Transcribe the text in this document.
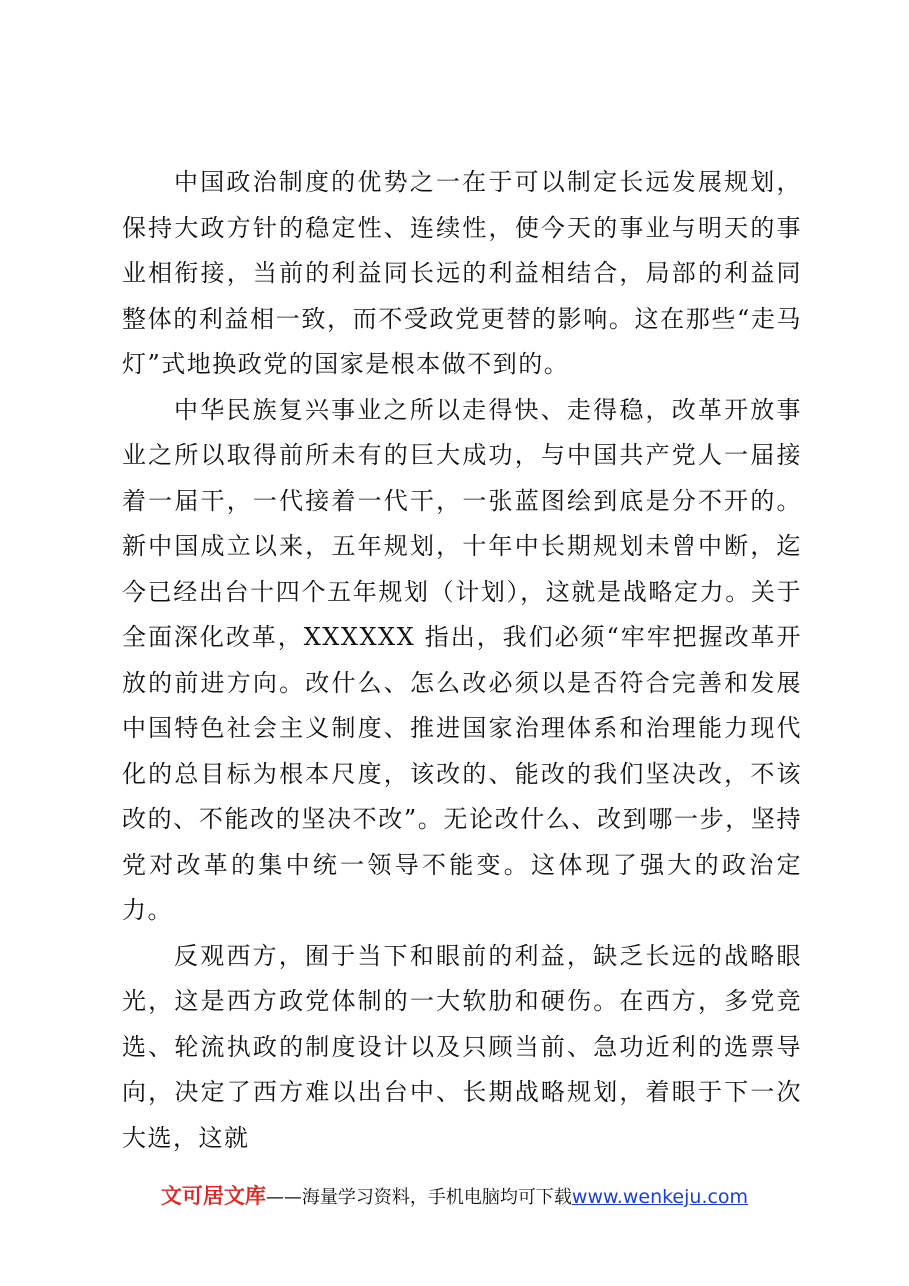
中国政治制度的优势之一在于可以制定长远发展规划，保持大政方针的稳定性、连续性，使今天的事业与明天的事业相衔接，当前的利益同长远的利益相结合，局部的利益同整体的利益相一致，而不受政党更替的影响。这在那些“走马灯”式地换政党的国家是根本做不到的。

中华民族复兴事业之所以走得快、走得稳，改革开放事业之所以取得前所未有的巨大成功，与中国共产党人一届接着一届干，一代接着一代干，一张蓝图绘到底是分不开的。新中国成立以来，五年规划，十年中长期规划未曾中断，迄今已经出台十四个五年规划（计划），这就是战略定力。关于全面深化改革，XXXXXX 指出，我们必须“牢牢把握改革开放的前进方向。改什么、怎么改必须以是否符合完善和发展中国特色社会主义制度、推进国家治理体系和治理能力现代化的总目标为根本尺度，该改的、能改的我们坚决改，不该改的、不能改的坚决不改”。无论改什么、改到哪一步，坚持党对改革的集中统一领导不能变。这体现了强大的政治定力。

反观西方，囿于当下和眼前的利益，缺乏长远的战略眼光，这是西方政党体制的一大软肋和硬伤。在西方，多党竞选、轮流执政的制度设计以及只顾当前、急功近利的选票导向，决定了西方难以出台中、长期战略规划，着眼于下一次大选，这就

文可居文库——海量学习资料，手机电脑均可下载www.wenkeju.com
